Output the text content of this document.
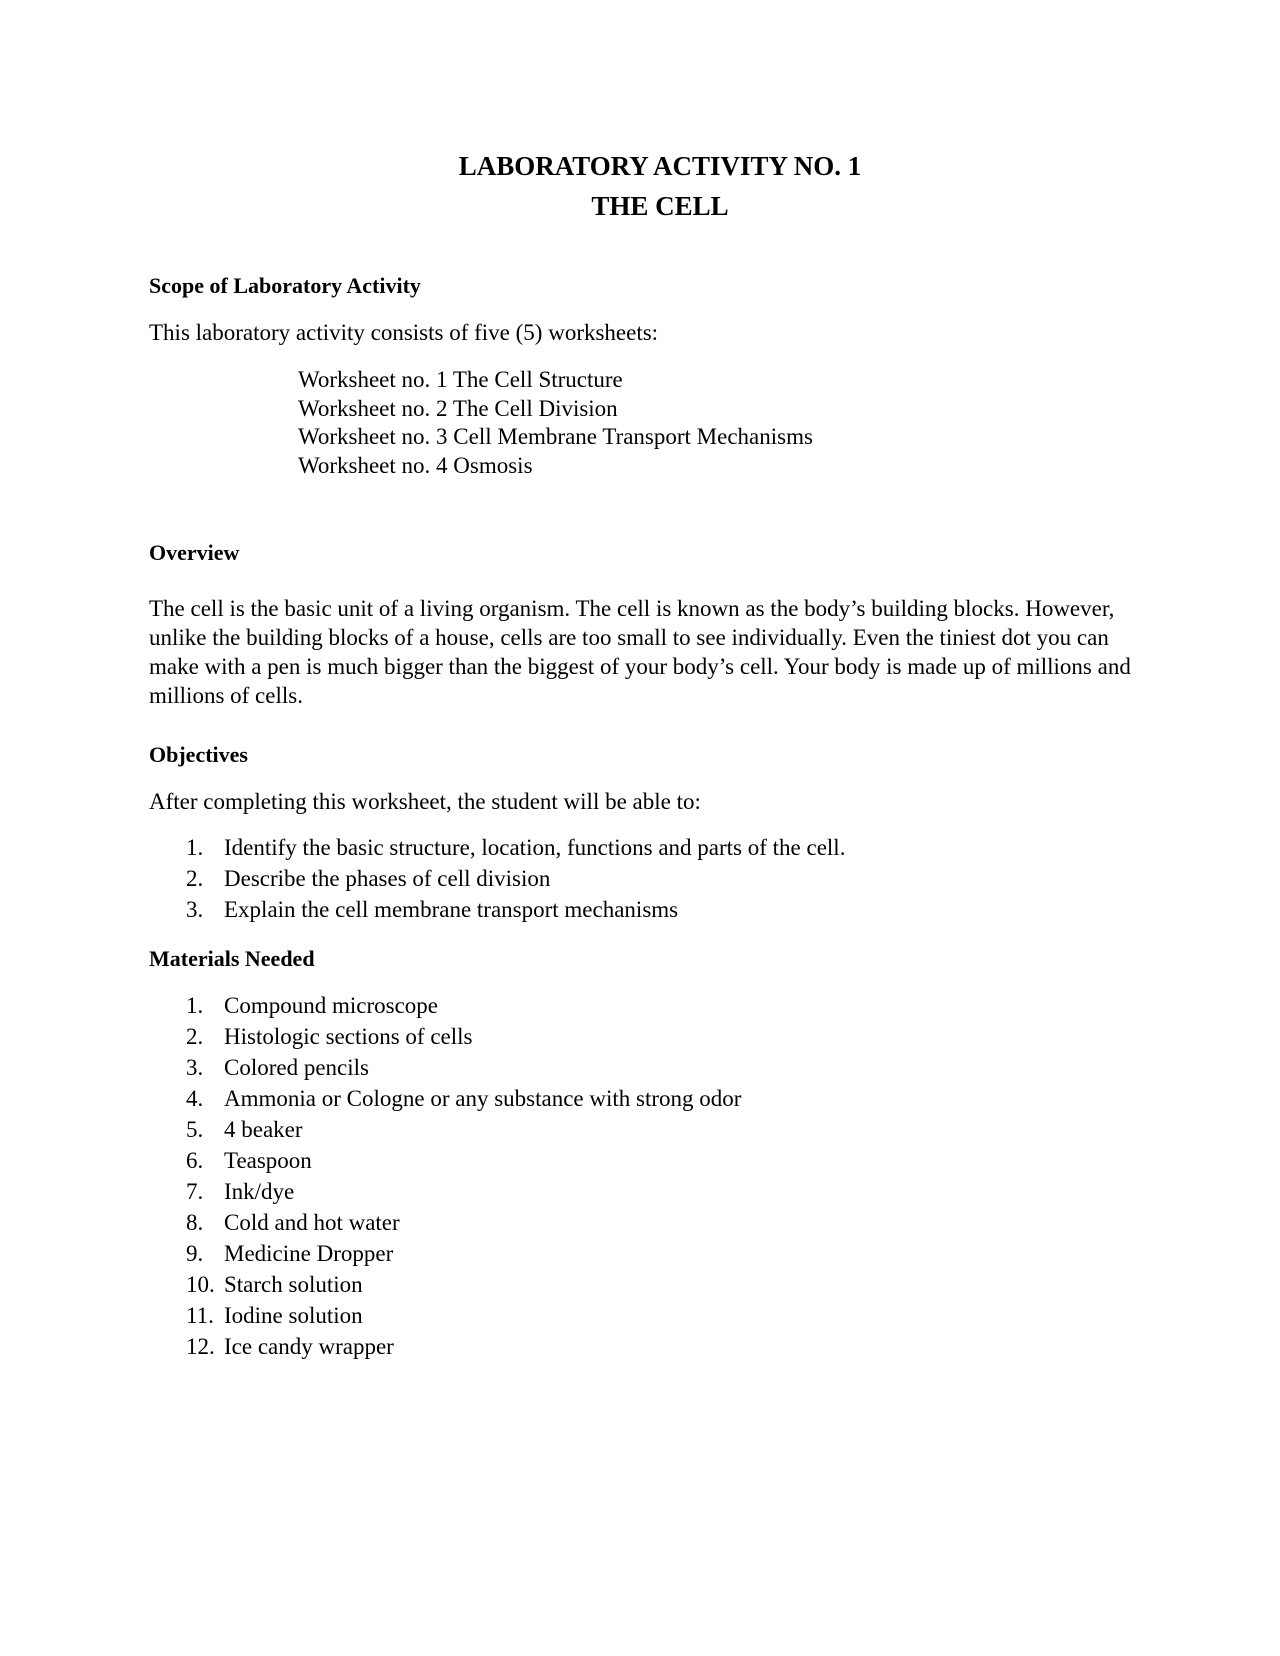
LABORATORY ACTIVITY NO. 1
THE CELL
Scope of Laboratory Activity
This laboratory activity consists of five (5) worksheets:
Worksheet no. 1 The Cell Structure
Worksheet no. 2 The Cell Division
Worksheet no. 3 Cell Membrane Transport Mechanisms
Worksheet no. 4 Osmosis
Overview
The cell is the basic unit of a living organism. The cell is known as the body’s building blocks. However, unlike the building blocks of a house, cells are too small to see individually. Even the tiniest dot you can make with a pen is much bigger than the biggest of your body’s cell. Your body is made up of millions and millions of cells.
Objectives
After completing this worksheet, the student will be able to:
1. Identify the basic structure, location, functions and parts of the cell.
2. Describe the phases of cell division
3. Explain the cell membrane transport mechanisms
Materials Needed
1. Compound microscope
2. Histologic sections of cells
3. Colored pencils
4. Ammonia or Cologne or any substance with strong odor
5. 4 beaker
6. Teaspoon
7. Ink/dye
8. Cold and hot water
9. Medicine Dropper
10. Starch solution
11. Iodine solution
12. Ice candy wrapper
